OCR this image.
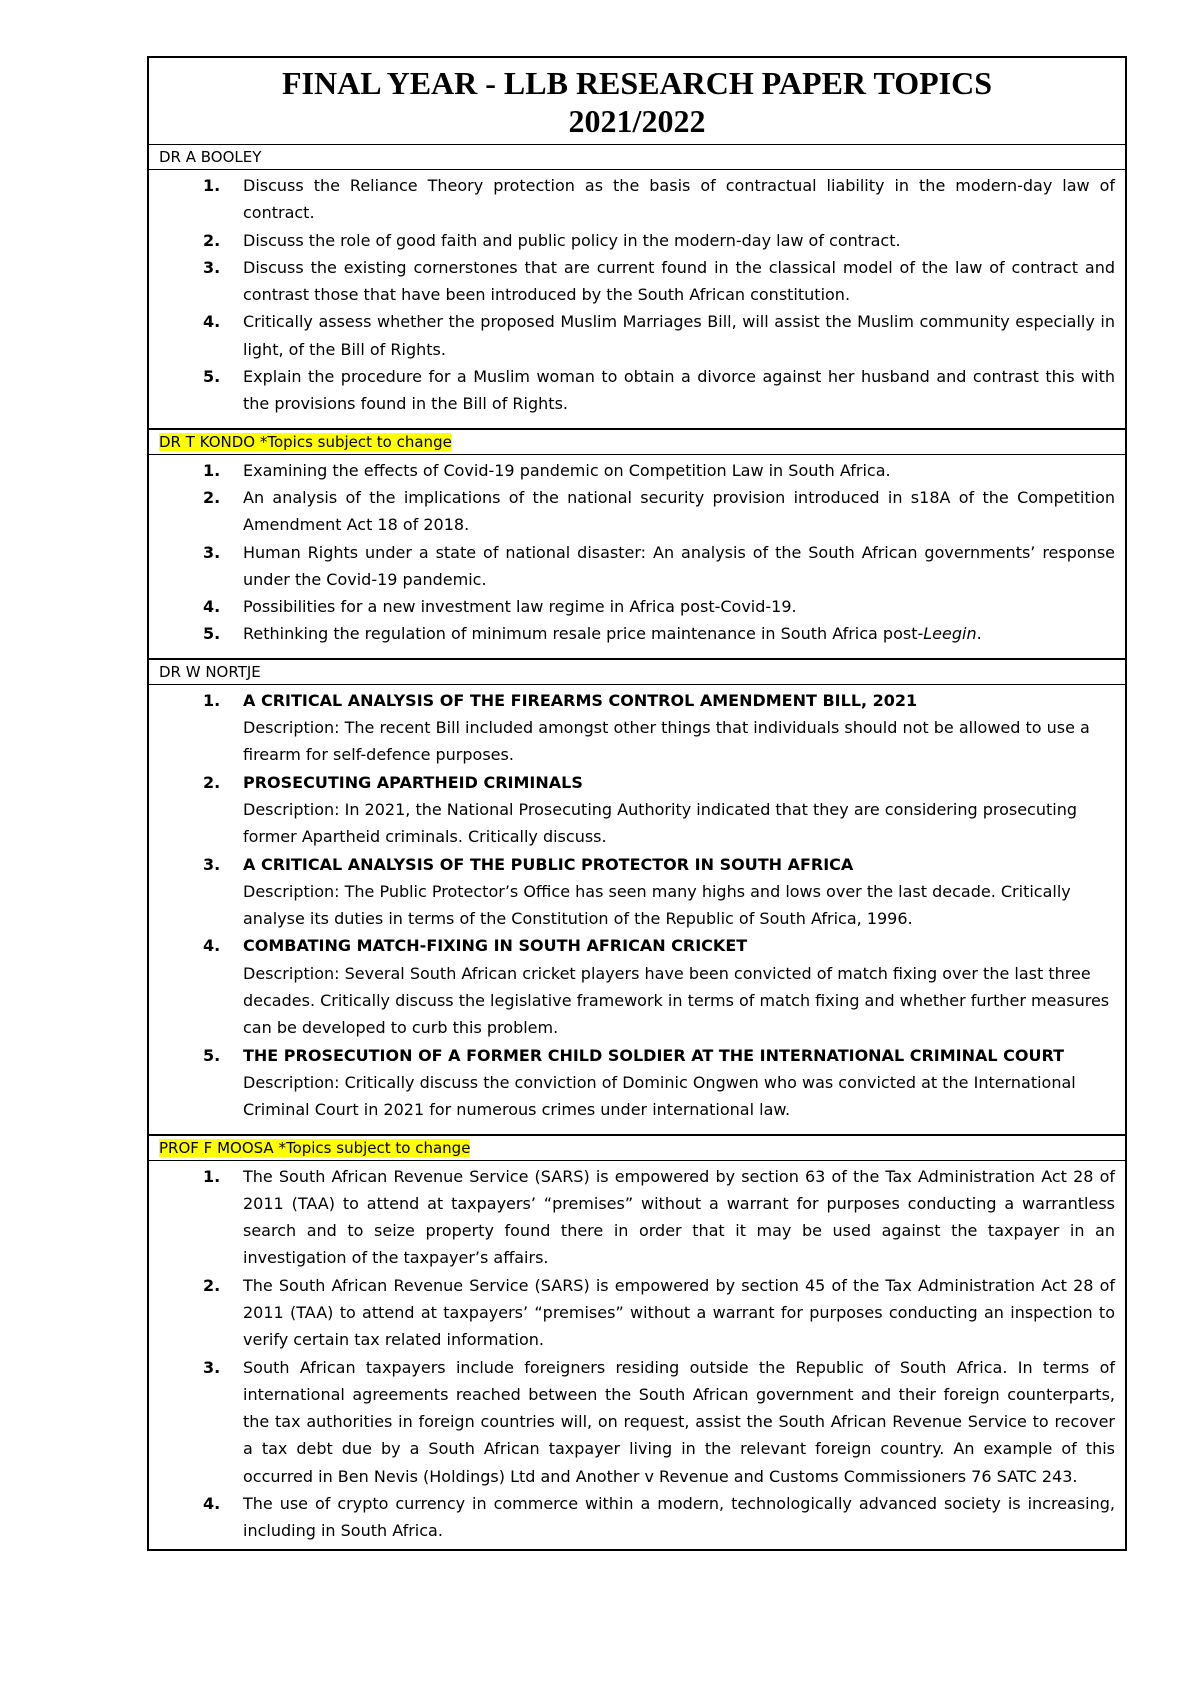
FINAL YEAR - LLB RESEARCH PAPER TOPICS
2021/2022
DR A BOOLEY
1. Discuss the Reliance Theory protection as the basis of contractual liability in the modern-day law of contract.
2. Discuss the role of good faith and public policy in the modern-day law of contract.
3. Discuss the existing cornerstones that are current found in the classical model of the law of contract and contrast those that have been introduced by the South African constitution.
4. Critically assess whether the proposed Muslim Marriages Bill, will assist the Muslim community especially in light, of the Bill of Rights.
5. Explain the procedure for a Muslim woman to obtain a divorce against her husband and contrast this with the provisions found in the Bill of Rights.
DR T KONDO *Topics subject to change
1. Examining the effects of Covid-19 pandemic on Competition Law in South Africa.
2. An analysis of the implications of the national security provision introduced in s18A of the Competition Amendment Act 18 of 2018.
3. Human Rights under a state of national disaster: An analysis of the South African governments’ response under the Covid-19 pandemic.
4. Possibilities for a new investment law regime in Africa post-Covid-19.
5. Rethinking the regulation of minimum resale price maintenance in South Africa post-Leegin.
DR W NORTJE
1. A CRITICAL ANALYSIS OF THE FIREARMS CONTROL AMENDMENT BILL, 2021
Description: The recent Bill included amongst other things that individuals should not be allowed to use a firearm for self-defence purposes.
2. PROSECUTING APARTHEID CRIMINALS
Description: In 2021, the National Prosecuting Authority indicated that they are considering prosecuting former Apartheid criminals. Critically discuss.
3. A CRITICAL ANALYSIS OF THE PUBLIC PROTECTOR IN SOUTH AFRICA
Description: The Public Protector’s Office has seen many highs and lows over the last decade. Critically analyse its duties in terms of the Constitution of the Republic of South Africa, 1996.
4. COMBATING MATCH-FIXING IN SOUTH AFRICAN CRICKET
Description: Several South African cricket players have been convicted of match fixing over the last three decades. Critically discuss the legislative framework in terms of match fixing and whether further measures can be developed to curb this problem.
5. THE PROSECUTION OF A FORMER CHILD SOLDIER AT THE INTERNATIONAL CRIMINAL COURT
Description: Critically discuss the conviction of Dominic Ongwen who was convicted at the International Criminal Court in 2021 for numerous crimes under international law.
PROF F MOOSA *Topics subject to change
1. The South African Revenue Service (SARS) is empowered by section 63 of the Tax Administration Act 28 of 2011 (TAA) to attend at taxpayers’ “premises” without a warrant for purposes conducting a warrantless search and to seize property found there in order that it may be used against the taxpayer in an investigation of the taxpayer’s affairs.
2. The South African Revenue Service (SARS) is empowered by section 45 of the Tax Administration Act 28 of 2011 (TAA) to attend at taxpayers’ “premises” without a warrant for purposes conducting an inspection to verify certain tax related information.
3. South African taxpayers include foreigners residing outside the Republic of South Africa. In terms of international agreements reached between the South African government and their foreign counterparts, the tax authorities in foreign countries will, on request, assist the South African Revenue Service to recover a tax debt due by a South African taxpayer living in the relevant foreign country. An example of this occurred in Ben Nevis (Holdings) Ltd and Another v Revenue and Customs Commissioners 76 SATC 243.
4. The use of crypto currency in commerce within a modern, technologically advanced society is increasing, including in South Africa.
